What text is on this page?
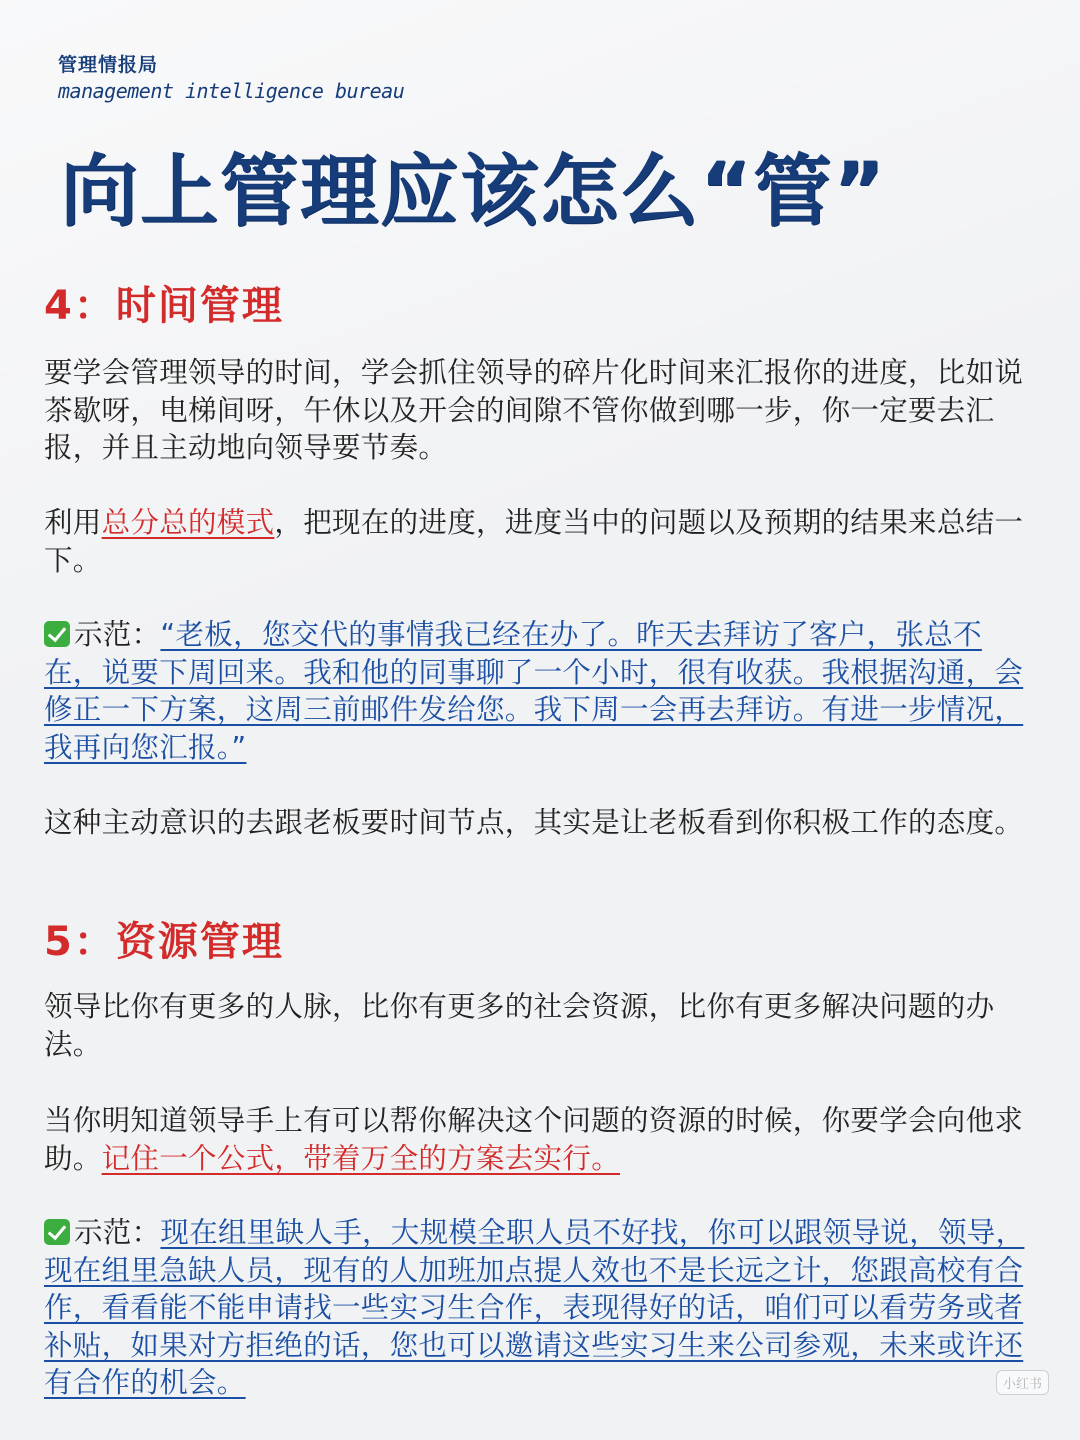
管理情报局
management intelligence bureau
向上管理应该怎么“管”
4：时间管理
要学会管理领导的时间，学会抓住领导的碎片化时间来汇报你的进度，比如说茶歇呀，电梯间呀，午休以及开会的间隙不管你做到哪一步，你一定要去汇报，并且主动地向领导要节奏。
利用总分总的模式，把现在的进度，进度当中的问题以及预期的结果来总结一下。
示范：“老板，您交代的事情我已经在办了。昨天去拜访了客户，张总不在，说要下周回来。我和他的同事聊了一个小时，很有收获。我根据沟通，会修正一下方案，这周三前邮件发给您。我下周一会再去拜访。有进一步情况，我再向您汇报。”
这种主动意识的去跟老板要时间节点，其实是让老板看到你积极工作的态度。
5：资源管理
领导比你有更多的人脉，比你有更多的社会资源，比你有更多解决问题的办法。
当你明知道领导手上有可以帮你解决这个问题的资源的时候，你要学会向他求助。记住一个公式，带着万全的方案去实行。
示范：现在组里缺人手，大规模全职人员不好找，你可以跟领导说，领导，现在组里急缺人员，现有的人加班加点提人效也不是长远之计，您跟高校有合作，看看能不能申请找一些实习生合作，表现得好的话，咱们可以看劳务或者补贴，如果对方拒绝的话，您也可以邀请这些实习生来公司参观，未来或许还有合作的机会。	小红书
